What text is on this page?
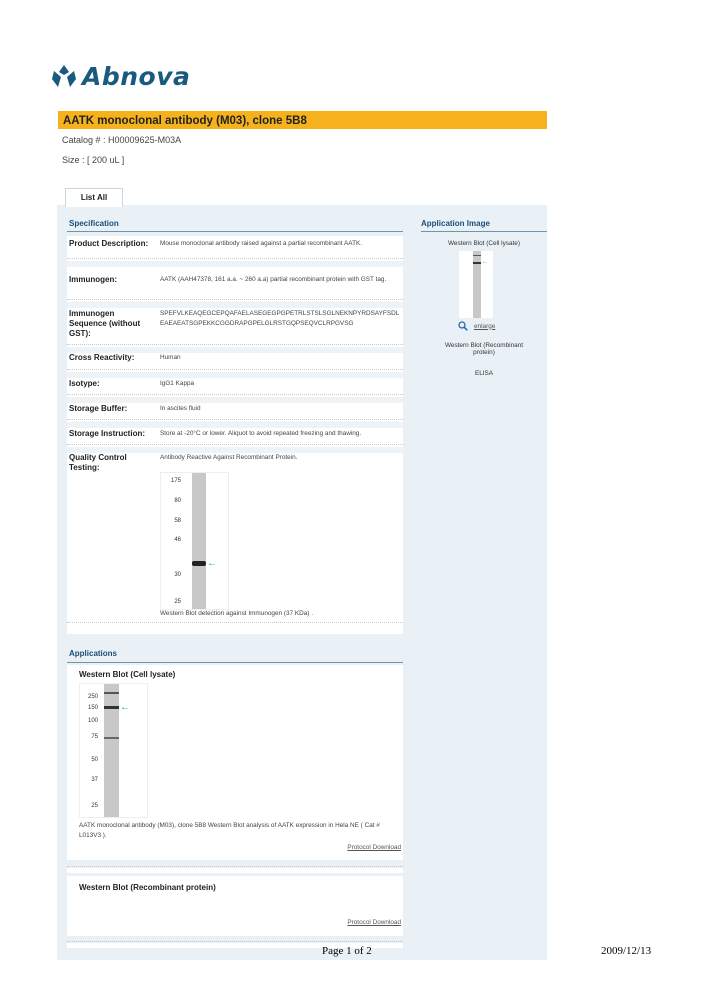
Abnova
AATK monoclonal antibody (M03), clone 5B8
Catalog # : H00009625-M03A
Size : [ 200 uL ]
List All
Specification
Product Description: Mouse monoclonal antibody raised against a partial recombinant AATK.
Immunogen:	AATK (AAH47378, 161 a.a. ~ 260 a.a) partial recombinant protein with GST tag.
Immunogen Sequence (without GST):
SPEFVLKEAQEGCEPQAFAELASEGEGPGPETRLSTSLSGLNEKNPYRDSAYFSDLEAEAEATSGPEKKCGGDRAPGPELGLRSTGQPSEQVCLRPGVSG
Cross Reactivity:	Human
Isotype:	IgG1 Kappa
Storage Buffer:	In ascites fluid
Storage Instruction:	Store at -20°C or lower. Aliquot to avoid repeated freezing and thawing.
Quality Control Testing:
Antibody Reactive Against Recombinant Protein.
175
80
58
46
30
25
←
Western Blot detection against Immunogen (37 KDa) .
Applications
Western Blot (Cell lysate)
250
150
100
75
50
37
25
←
AATK monoclonal antibody (M03), clone 5B8 Western Blot analysis of AATK expression in Hela NE ( Cat # L013V3 ).
Protocol Download
Western Blot (Recombinant protein)
Protocol Download
Application Image
Western Blot (Cell lysate)
←
enlarge
Western Blot (Recombinant protein)
ELISA
Page 1 of 2	2009/12/13
